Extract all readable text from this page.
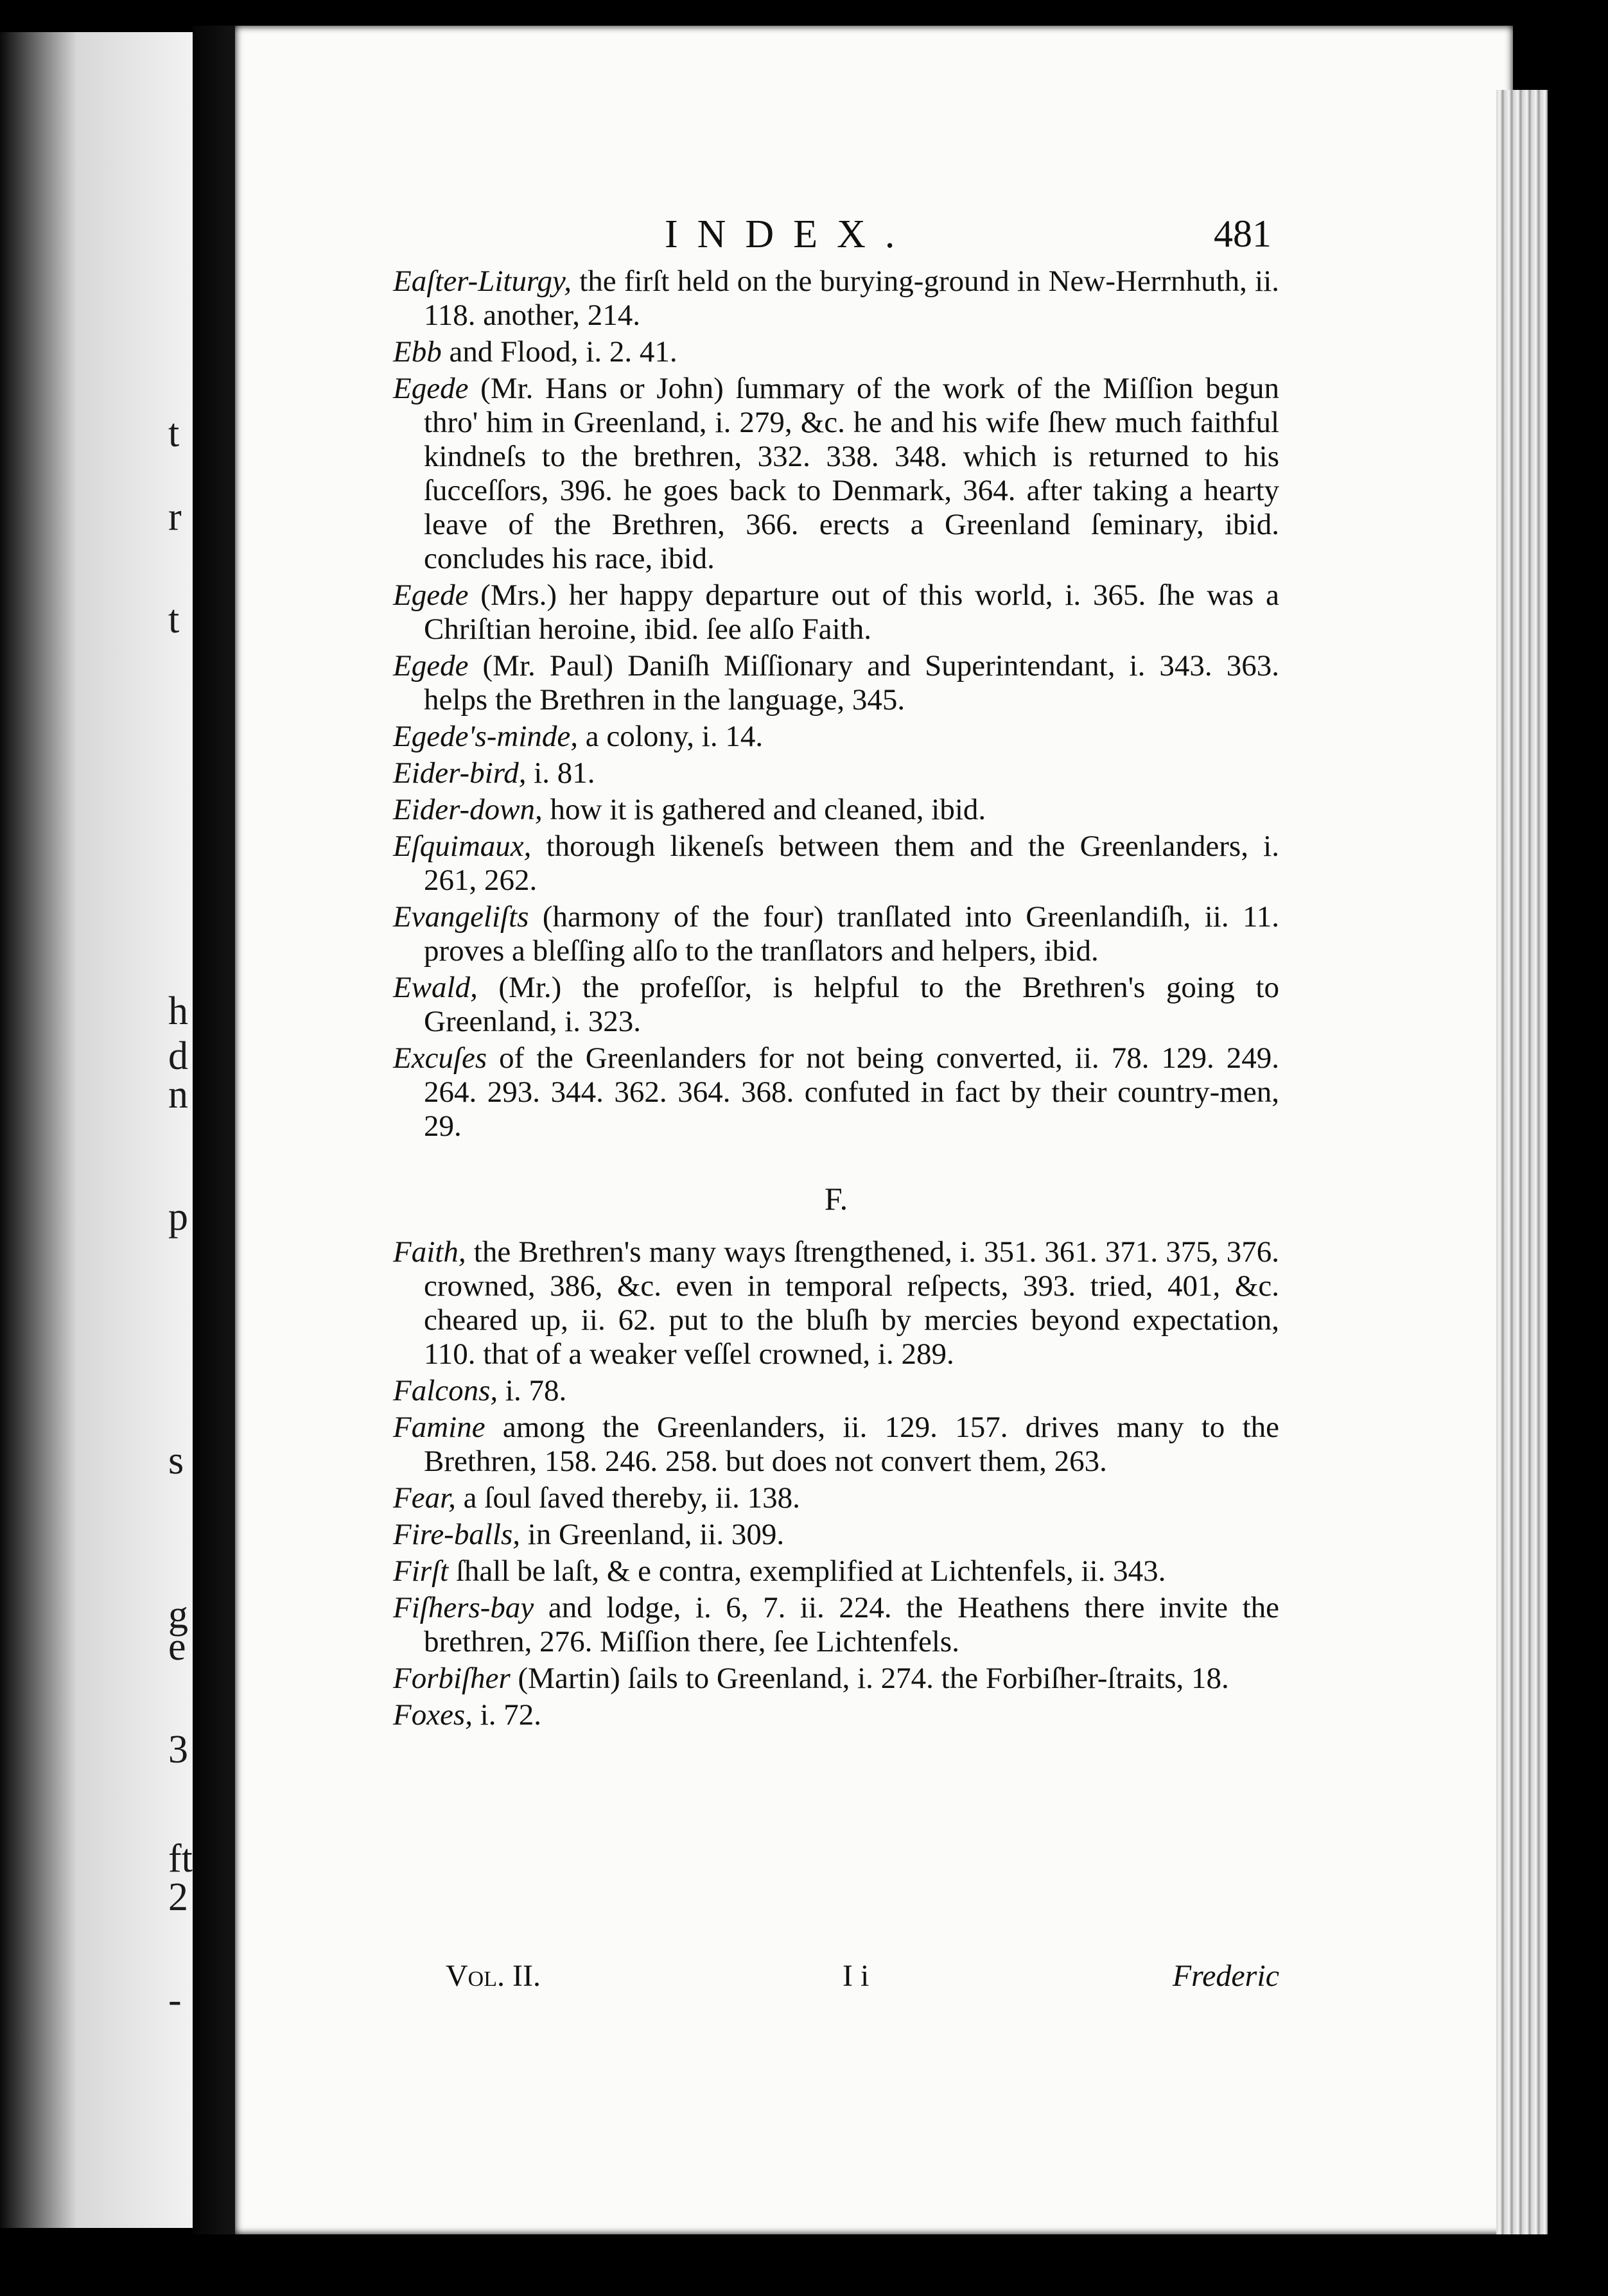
t
r
t
h
d
n
p
s
g
e
3
ft
2
-
INDEX.	481

Eaſter-Liturgy, the firſt held on the burying-ground in New-Herrnhuth, ii. 118. another, 214.

Ebb and Flood, i. 2. 41.

Egede (Mr. Hans or John) ſummary of the work of the Miſſion begun thro' him in Greenland, i. 279, &c. he and his wife ſhew much faithful kindneſs to the brethren, 332. 338. 348. which is returned to his ſucceſſors, 396. he goes back to Denmark, 364. after taking a hearty leave of the Brethren, 366. erects a Greenland ſeminary, ibid. concludes his race, ibid.

Egede (Mrs.) her happy departure out of this world, i. 365. ſhe was a Chriſtian heroine, ibid. ſee alſo Faith.

Egede (Mr. Paul) Daniſh Miſſionary and Superintendant, i. 343. 363. helps the Brethren in the language, 345.

Egede's-minde, a colony, i. 14.

Eider-bird, i. 81.

Eider-down, how it is gathered and cleaned, ibid.

Eſquimaux, thorough likeneſs between them and the Greenlanders, i. 261, 262.

Evangeliſts (harmony of the four) tranſlated into Greenlandiſh, ii. 11. proves a bleſſing alſo to the tranſlators and helpers, ibid.

Ewald, (Mr.) the profeſſor, is helpful to the Brethren's going to Greenland, i. 323.

Excuſes of the Greenlanders for not being converted, ii. 78. 129. 249. 264. 293. 344. 362. 364. 368. confuted in fact by their country-men, 29.

F.

Faith, the Brethren's many ways ſtrengthened, i. 351. 361. 371. 375, 376. crowned, 386, &c. even in temporal reſpects, 393. tried, 401, &c. cheared up, ii. 62. put to the bluſh by mercies beyond expectation, 110. that of a weaker veſſel crowned, i. 289.

Falcons, i. 78.

Famine among the Greenlanders, ii. 129. 157. drives many to the Brethren, 158. 246. 258. but does not convert them, 263.

Fear, a ſoul ſaved thereby, ii. 138.

Fire-balls, in Greenland, ii. 309.

Firſt ſhall be laſt, & e contra, exemplified at Lichtenfels, ii. 343.

Fiſhers-bay and lodge, i. 6, 7. ii. 224. the Heathens there invite the brethren, 276. Miſſion there, ſee Lichtenfels.

Forbiſher (Martin) ſails to Greenland, i. 274. the Forbiſher-ſtraits, 18.

Foxes, i. 72.

Vol. II.	I i	Frederic
